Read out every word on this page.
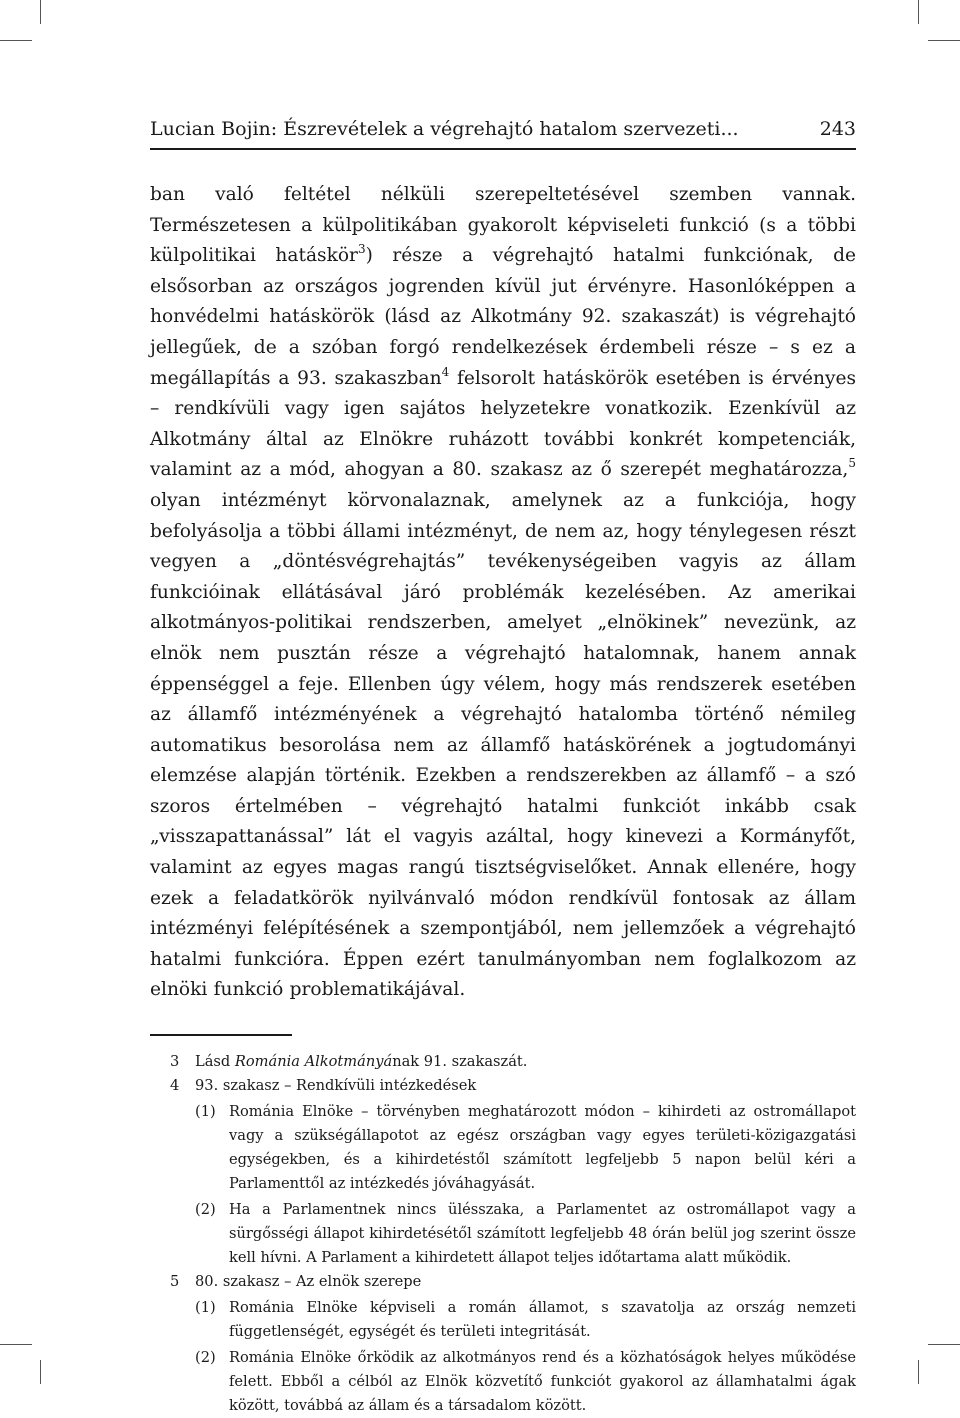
Lucian Bojin: Észrevételek a végrehajtó hatalom szervezeti...	243
ban való feltétel nélküli szerepeltetésével szemben vannak. Természetesen a külpolitikában gyakorolt képviseleti funkció (s a többi külpolitikai hatáskör$^3$) része a végrehajtó hatalmi funkciónak, de elsősorban az országos jogrenden kívül jut érvényre. Hasonlóképpen a honvédelmi hatáskörök (lásd az Alkotmány 92. szakaszát) is végrehajtó jellegűek, de a szóban forgó rendelkezések érdembeli része – s ez a megállapítás a 93. szakaszban$^4$ felsorolt hatáskörök esetében is érvényes – rendkívüli vagy igen sajátos helyzetekre vonatkozik. Ezenkívül az Alkotmány által az Elnökre ruházott további konkrét kompetenciák, valamint az a mód, ahogyan a 80. szakasz az ő szerepét meghatározza,$^5$ olyan intézményt körvonalaznak, amelynek az a funkciója, hogy befolyásolja a többi állami intézményt, de nem az, hogy ténylegesen részt vegyen a „döntésvégrehajtás” tevékenységeiben vagyis az állam funkcióinak ellátásával járó problémák kezelésében. Az amerikai alkotmányos-politikai rendszerben, amelyet „elnökinek” nevezünk, az elnök nem pusztán része a végrehajtó hatalomnak, hanem annak éppenséggel a feje. Ellenben úgy vélem, hogy más rendszerek esetében az államfő intézményének a végrehajtó hatalomba történő némileg automatikus besorolása nem az államfő hatáskörének a jogtudományi elemzése alapján történik. Ezekben a rendszerekben az államfő – a szó szoros értelmében – végrehajtó hatalmi funkciót inkább csak „visszapattanással” lát el vagyis azáltal, hogy kinevezi a Kormányfőt, valamint az egyes magas rangú tisztségviselőket. Annak ellenére, hogy ezek a feladatkörök nyilvánvaló módon rendkívül fontosak az állam intézményi felépítésének a szempontjából, nem jellemzőek a végrehajtó hatalmi funkcióra. Éppen ezért tanulmányomban nem foglalkozom az elnöki funkció problematikájával.
3	Lásd Románia Alkotmányának 91. szakaszát.
4	93. szakasz – Rendkívüli intézkedések
(1) Románia Elnöke – törvényben meghatározott módon – kihirdeti az ostromállapot vagy a szükségállapotot az egész országban vagy egyes területi-közigazgatási egységekben, és a kihirdetéstől számított legfeljebb 5 napon belül kéri a Parlamenttől az intézkedés jóváhagyását.
(2) Ha a Parlamentnek nincs ülésszaka, a Parlamentet az ostromállapot vagy a sürgősségi állapot kihirdetésétől számított legfeljebb 48 órán belül jog szerint össze kell hívni. A Parlament a kihirdetett állapot teljes időtartama alatt működik.
5	80. szakasz – Az elnök szerepe
(1) Románia Elnöke képviseli a román államot, s szavatolja az ország nemzeti függetlenségét, egységét és területi integritását.
(2) Románia Elnöke őrködik az alkotmányos rend és a közhatóságok helyes működése felett. Ebből a célból az Elnök közvetítő funkciót gyakorol az államhatalmi ágak között, továbbá az állam és a társadalom között.
